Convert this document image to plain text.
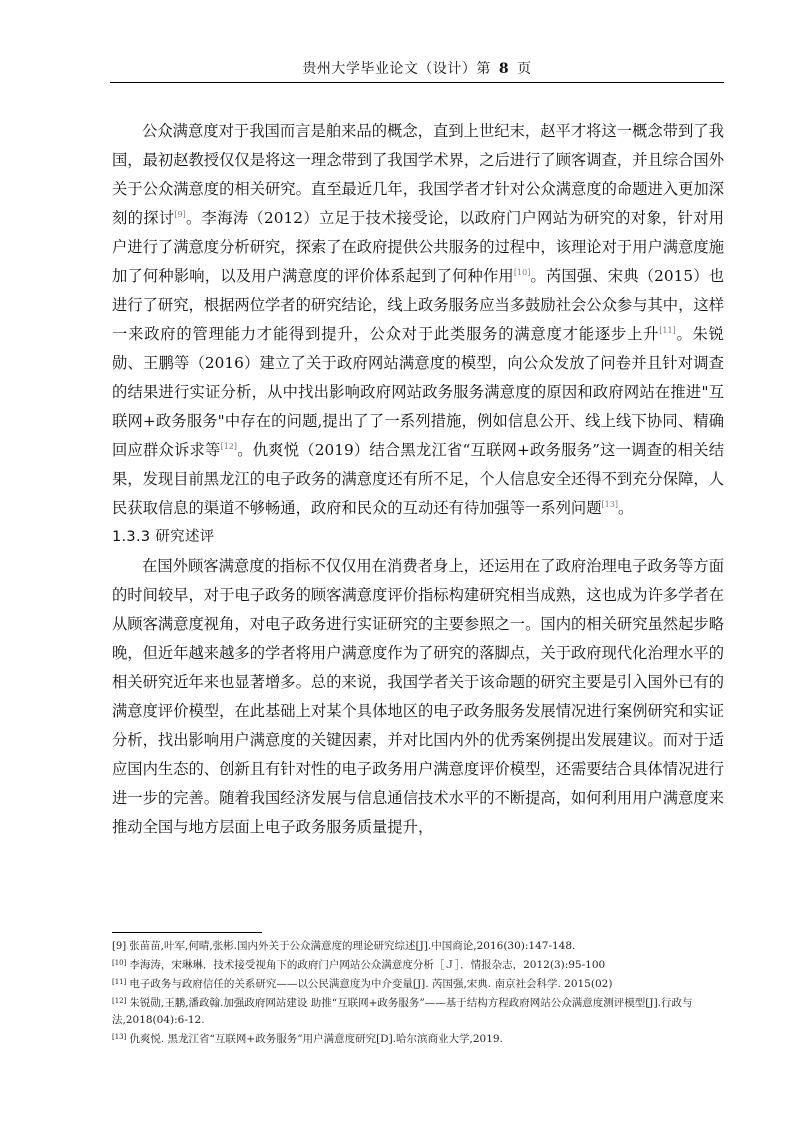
贵州大学毕业论文（设计）第 8 页

公众满意度对于我国而言是舶来品的概念，直到上世纪末，赵平才将这一概念带到了我国，最初赵教授仅仅是将这一理念带到了我国学术界，之后进行了顾客调查，并且综合国外关于公众满意度的相关研究。直至最近几年，我国学者才针对公众满意度的命题进入更加深刻的探讨[9]。李海涛（2012）立足于技术接受论，以政府门户网站为研究的对象，针对用户进行了满意度分析研究，探索了在政府提供公共服务的过程中，该理论对于用户满意度施加了何种影响，以及用户满意度的评价体系起到了何种作用[10]。芮国强、宋典（2015）也进行了研究，根据两位学者的研究结论，线上政务服务应当多鼓励社会公众参与其中，这样一来政府的管理能力才能得到提升，公众对于此类服务的满意度才能逐步上升[11]。朱锐勋、王鹏等（2016）建立了关于政府网站满意度的模型，向公众发放了问卷并且针对调查的结果进行实证分析，从中找出影响政府网站政务服务满意度的原因和政府网站在推进"互联网+政务服务"中存在的问题,提出了了一系列措施，例如信息公开、线上线下协同、精确回应群众诉求等[12]。仇爽悦（2019）结合黑龙江省“互联网+政务服务”这一调查的相关结果，发现目前黑龙江的电子政务的满意度还有所不足，个人信息安全还得不到充分保障，人民获取信息的渠道不够畅通，政府和民众的互动还有待加强等一系列问题[13]。

1.3.3 研究述评

在国外顾客满意度的指标不仅仅用在消费者身上，还运用在了政府治理电子政务等方面的时间较早，对于电子政务的顾客满意度评价指标构建研究相当成熟，这也成为许多学者在从顾客满意度视角，对电子政务进行实证研究的主要参照之一。国内的相关研究虽然起步略晚，但近年越来越多的学者将用户满意度作为了研究的落脚点，关于政府现代化治理水平的相关研究近年来也显著增多。总的来说，我国学者关于该命题的研究主要是引入国外已有的满意度评价模型，在此基础上对某个具体地区的电子政务服务发展情况进行案例研究和实证分析，找出影响用户满意度的关键因素，并对比国内外的优秀案例提出发展建议。而对于适应国内生态的、创新且有针对性的电子政务用户满意度评价模型，还需要结合具体情况进行进一步的完善。随着我国经济发展与信息通信技术水平的不断提高，如何利用用户满意度来推动全国与地方层面上电子政务服务质量提升，

[9] 张苗苗,叶军,何晴,张彬.国内外关于公众满意度的理论研究综述[J].中国商论,2016(30):147-148.

[10] 李海涛，宋琳琳．技术接受视角下的政府门户网站公众满意度分析［Ｊ］．情报杂志，2012(3):95-100

[11] 电子政务与政府信任的关系研究——以公民满意度为中介变量[J]. 芮国强,宋典. 南京社会科学. 2015(02)

[12] 朱锐勋,王鹏,潘政翰.加强政府网站建设 助推“互联网+政务服务”——基于结构方程政府网站公众满意度测评模型[J].行政与法,2018(04):6-12.

[13] 仇爽悦. 黑龙江省“互联网+政务服务”用户满意度研究[D].哈尔滨商业大学,2019.
